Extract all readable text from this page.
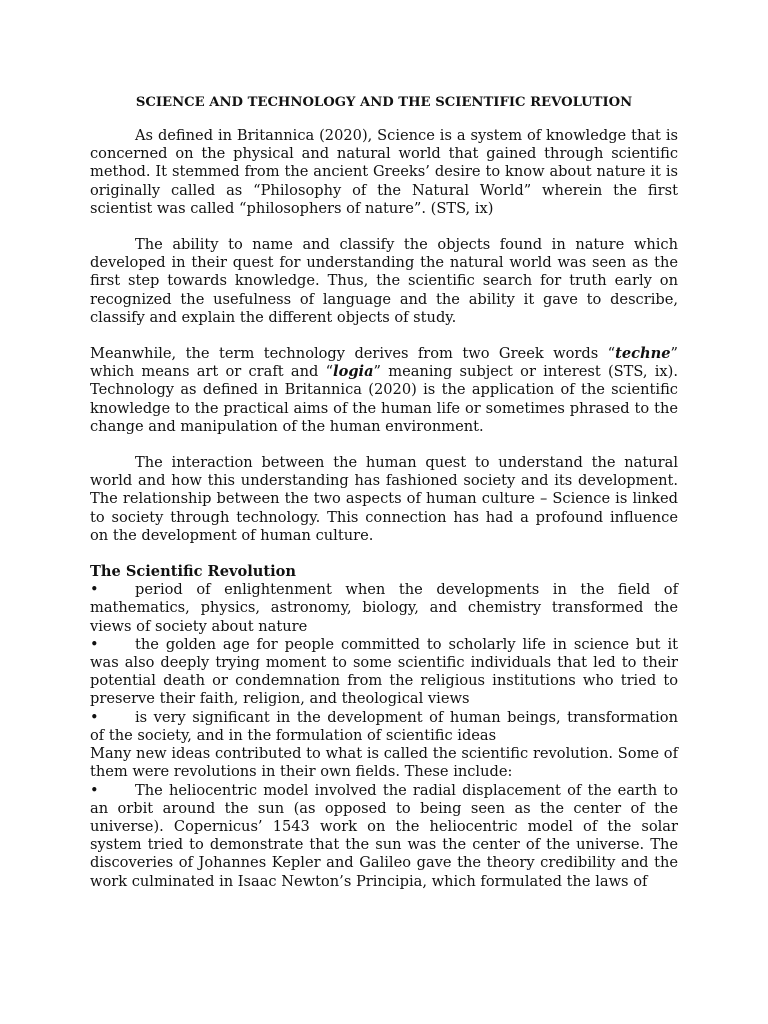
SCIENCE AND TECHNOLOGY AND THE SCIENTIFIC REVOLUTION

As defined in Britannica (2020), Science is a system of knowledge that is concerned on the physical and natural world that gained through scientific method. It stemmed from the ancient Greeks’ desire to know about nature it is originally called as “Philosophy of the Natural World” wherein the first scientist was called “philosophers of nature”. (STS, ix)

The ability to name and classify the objects found in nature which developed in their quest for understanding the natural world was seen as the first step towards knowledge. Thus, the scientific search for truth early on recognized the usefulness of language and the ability it gave to describe, classify and explain the different objects of study.

Meanwhile, the term technology derives from two Greek words “techne” which means art or craft and “logia” meaning subject or interest (STS, ix). Technology as defined in Britannica (2020) is the application of the scientific knowledge to the practical aims of the human life or sometimes phrased to the change and manipulation of the human environment.

The interaction between the human quest to understand the natural world and how this understanding has fashioned society and its development. The relationship between the two aspects of human culture – Science is linked to society through technology. This connection has had a profound influence on the development of human culture.

The Scientific Revolution
• period of enlightenment when the developments in the field of mathematics, physics, astronomy, biology, and chemistry transformed the views of society about nature
• the golden age for people committed to scholarly life in science but it was also deeply trying moment to some scientific individuals that led to their potential death or condemnation from the religious institutions who tried to preserve their faith, religion, and theological views
• is very significant in the development of human beings, transformation of the society, and in the formulation of scientific ideas

Many new ideas contributed to what is called the scientific revolution. Some of them were revolutions in their own fields. These include:

• The heliocentric model involved the radial displacement of the earth to an orbit around the sun (as opposed to being seen as the center of the universe). Copernicus’ 1543 work on the heliocentric model of the solar system tried to demonstrate that the sun was the center of the universe. The discoveries of Johannes Kepler and Galileo gave the theory credibility and the work culminated in Isaac Newton’s Principia, which formulated the laws of
